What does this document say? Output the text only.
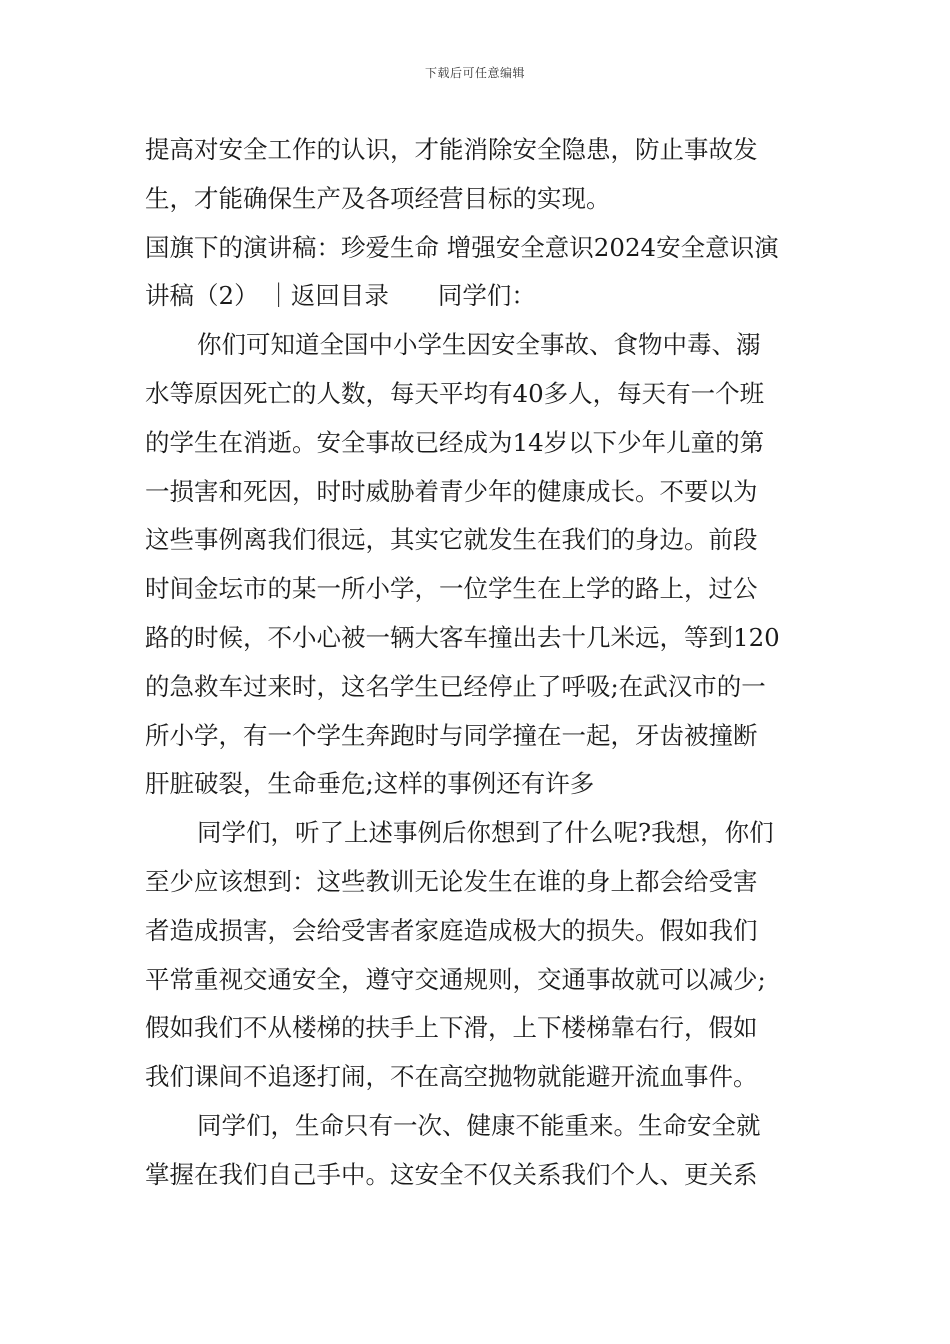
下载后可任意编辑
提高对安全工作的认识，才能消除安全隐患，防止事故发
生，才能确保生产及各项经营目标的实现。
国旗下的演讲稿：珍爱生命 增强安全意识2024安全意识演
讲稿（2） ｜返回目录　　同学们：
你们可知道全国中小学生因安全事故、食物中毒、溺
水等原因死亡的人数，每天平均有40多人，每天有一个班
的学生在消逝。安全事故已经成为14岁以下少年儿童的第
一损害和死因，时时威胁着青少年的健康成长。不要以为
这些事例离我们很远，其实它就发生在我们的身边。前段
时间金坛市的某一所小学，一位学生在上学的路上，过公
路的时候，不小心被一辆大客车撞出去十几米远，等到120
的急救车过来时，这名学生已经停止了呼吸;在武汉市的一
所小学，有一个学生奔跑时与同学撞在一起，牙齿被撞断
肝脏破裂，生命垂危;这样的事例还有许多
同学们，听了上述事例后你想到了什么呢?我想，你们
至少应该想到：这些教训无论发生在谁的身上都会给受害
者造成损害，会给受害者家庭造成极大的损失。假如我们
平常重视交通安全，遵守交通规则，交通事故就可以减少;
假如我们不从楼梯的扶手上下滑，上下楼梯靠右行，假如
我们课间不追逐打闹，不在高空抛物就能避开流血事件。
同学们，生命只有一次、健康不能重来。生命安全就
掌握在我们自己手中。这安全不仅关系我们个人、更关系
